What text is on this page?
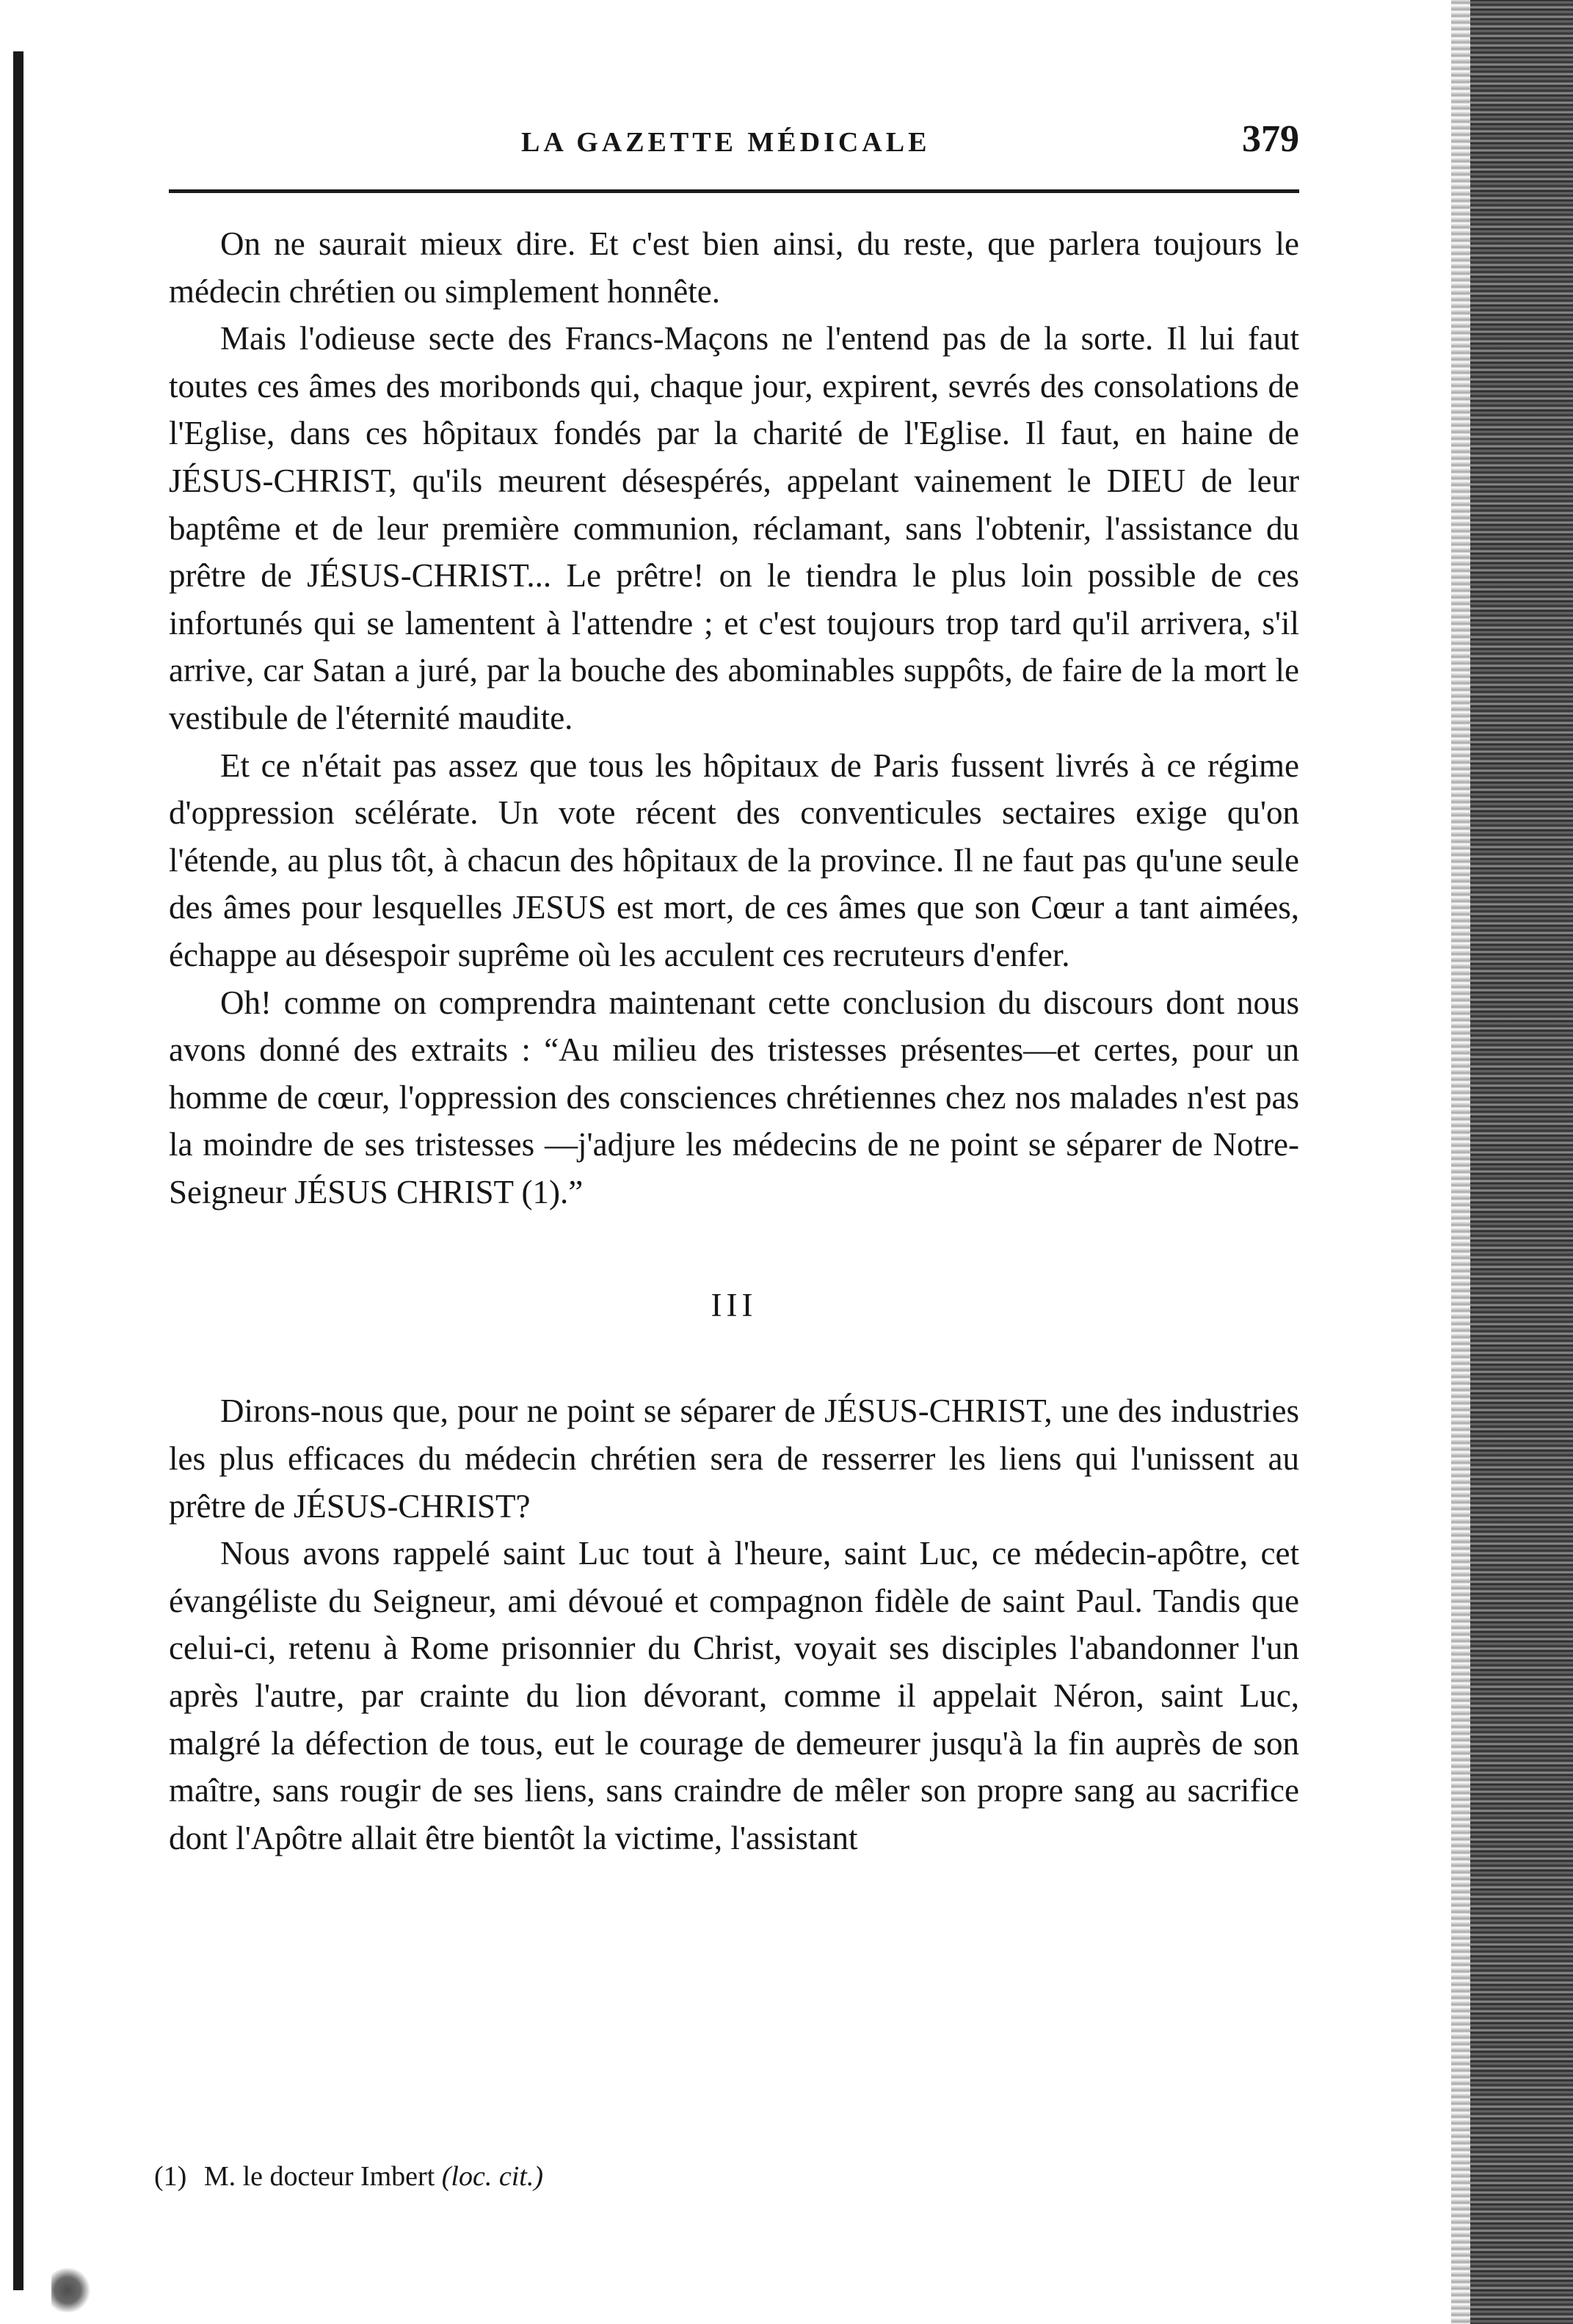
LA GAZETTE MÉDICALE	379

On ne saurait mieux dire. Et c'est bien ainsi, du reste, que parlera toujours le médecin chrétien ou simplement honnête.

Mais l'odieuse secte des Francs-Maçons ne l'entend pas de la sorte. Il lui faut toutes ces âmes des moribonds qui, chaque jour, expirent, sevrés des consolations de l'Eglise, dans ces hôpitaux fondés par la charité de l'Eglise. Il faut, en haine de JÉSUS-CHRIST, qu'ils meurent désespérés, appelant vainement le DIEU de leur baptême et de leur première communion, réclamant, sans l'obtenir, l'assistance du prêtre de JÉSUS-CHRIST... Le prêtre! on le tiendra le plus loin possible de ces infortunés qui se lamentent à l'attendre ; et c'est toujours trop tard qu'il arrivera, s'il arrive, car Satan a juré, par la bouche des abominables suppôts, de faire de la mort le vestibule de l'éternité maudite.

Et ce n'était pas assez que tous les hôpitaux de Paris fussent livrés à ce régime d'oppression scélérate. Un vote récent des conventicules sectaires exige qu'on l'étende, au plus tôt, à chacun des hôpitaux de la province. Il ne faut pas qu'une seule des âmes pour lesquelles JESUS est mort, de ces âmes que son Cœur a tant aimées, échappe au désespoir suprême où les acculent ces recruteurs d'enfer.

Oh! comme on comprendra maintenant cette conclusion du discours dont nous avons donné des extraits : “Au milieu des tristesses présentes—et certes, pour un homme de cœur, l'oppression des consciences chrétiennes chez nos malades n'est pas la moindre de ses tristesses —j'adjure les médecins de ne point se séparer de Notre-Seigneur JÉSUS CHRIST (1).”

III

Dirons-nous que, pour ne point se séparer de JÉSUS-CHRIST, une des industries les plus efficaces du médecin chrétien sera de resserrer les liens qui l'unissent au prêtre de JÉSUS-CHRIST?

Nous avons rappelé saint Luc tout à l'heure, saint Luc, ce médecin-apôtre, cet évangéliste du Seigneur, ami dévoué et compagnon fidèle de saint Paul. Tandis que celui-ci, retenu à Rome prisonnier du Christ, voyait ses disciples l'abandonner l'un après l'autre, par crainte du lion dévorant, comme il appelait Néron, saint Luc, malgré la défection de tous, eut le courage de demeurer jusqu'à la fin auprès de son maître, sans rougir de ses liens, sans craindre de mêler son propre sang au sacrifice dont l'Apôtre allait être bientôt la victime, l'assistant

(1) M. le docteur Imbert (loc. cit.)
